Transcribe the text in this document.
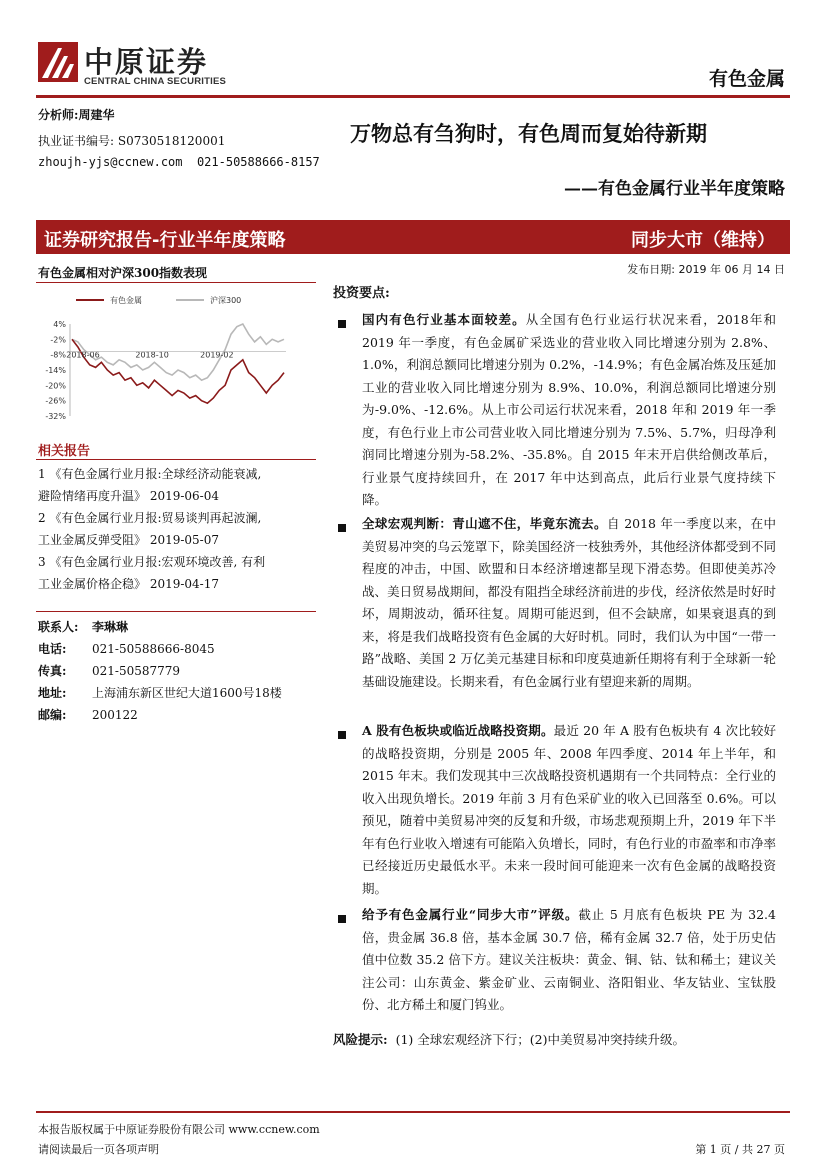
中原证券
CENTRAL CHINA SECURITIES	有色金属
分析师:周建华
执业证书编号: S0730518120001
zhoujh-yjs@ccnew.com 021-50588666-8157
万物总有刍狗时，有色周而复始待新期
——有色金属行业半年度策略
证券研究报告-行业半年度策略	同步大市（维持）
发布日期: 2019 年 06 月 14 日
有色金属相对沪深300指数表现
有色金属	沪深300
4%
-2%
-8%
-14%
-20%
-26%
-32%
2018-06	2018-10	2019-02
相关报告
1 《有色金属行业月报:全球经济动能衰减,
避险情绪再度升温》 2019-06-04
2 《有色金属行业月报:贸易谈判再起波澜,
工业金属反弹受阻》 2019-05-07
3 《有色金属行业月报:宏观环境改善, 有利
工业金属价格企稳》 2019-04-17
联系人: 李琳琳
电话: 021-50588666-8045
传真: 021-50587779
地址: 上海浦东新区世纪大道1600号18楼
邮编: 200122
投资要点:
国内有色行业基本面较差。从全国有色行业运行状况来看，2018年和 2019 年一季度，有色金属矿采选业的营业收入同比增速分别为 2.8%、1.0%，利润总额同比增速分别为 0.2%，-14.9%；有色金属冶炼及压延加工业的营业收入同比增速分别为 8.9%、10.0%，利润总额同比增速分别为-9.0%、-12.6%。从上市公司运行状况来看，2018 年和 2019 年一季度，有色行业上市公司营业收入同比增速分别为 7.5%、5.7%，归母净利润同比增速分别为-58.2%、-35.8%。自 2015 年末开启供给侧改革后，行业景气度持续回升，在 2017 年中达到高点，此后行业景气度持续下降。
全球宏观判断：青山遮不住，毕竟东流去。自 2018 年一季度以来，在中美贸易冲突的乌云笼罩下，除美国经济一枝独秀外，其他经济体都受到不同程度的冲击，中国、欧盟和日本经济增速都呈现下滑态势。但即使美苏冷战、美日贸易战期间，都没有阻挡全球经济前进的步伐，经济依然是时好时坏，周期波动，循环往复。周期可能迟到，但不会缺席，如果衰退真的到来，将是我们战略投资有色金属的大好时机。同时，我们认为中国“一带一路”战略、美国 2 万亿美元基建目标和印度莫迪新任期将有利于全球新一轮基础设施建设。长期来看，有色金属行业有望迎来新的周期。
A 股有色板块或临近战略投资期。最近 20 年 A 股有色板块有 4 次比较好的战略投资期，分别是 2005 年、2008 年四季度、2014 年上半年，和 2015 年末。我们发现其中三次战略投资机遇期有一个共同特点：全行业的收入出现负增长。2019 年前 3 月有色采矿业的收入已回落至 0.6%。可以预见，随着中美贸易冲突的反复和升级，市场悲观预期上升，2019 年下半年有色行业收入增速有可能陷入负增长，同时，有色行业的市盈率和市净率已经接近历史最低水平。未来一段时间可能迎来一次有色金属的战略投资期。
给予有色金属行业“同步大市”评级。截止 5 月底有色板块 PE 为 32.4 倍，贵金属 36.8 倍，基本金属 30.7 倍，稀有金属 32.7 倍，处于历史估值中位数 35.2 倍下方。建议关注板块：黄金、铜、钴、钛和稀土；建议关注公司：山东黄金、紫金矿业、云南铜业、洛阳钼业、华友钴业、宝钛股份、北方稀土和厦门钨业。
风险提示: (1) 全球宏观经济下行；(2)中美贸易冲突持续升级。
本报告版权属于中原证券股份有限公司 www.ccnew.com
请阅读最后一页各项声明	第 1 页 / 共 27 页
